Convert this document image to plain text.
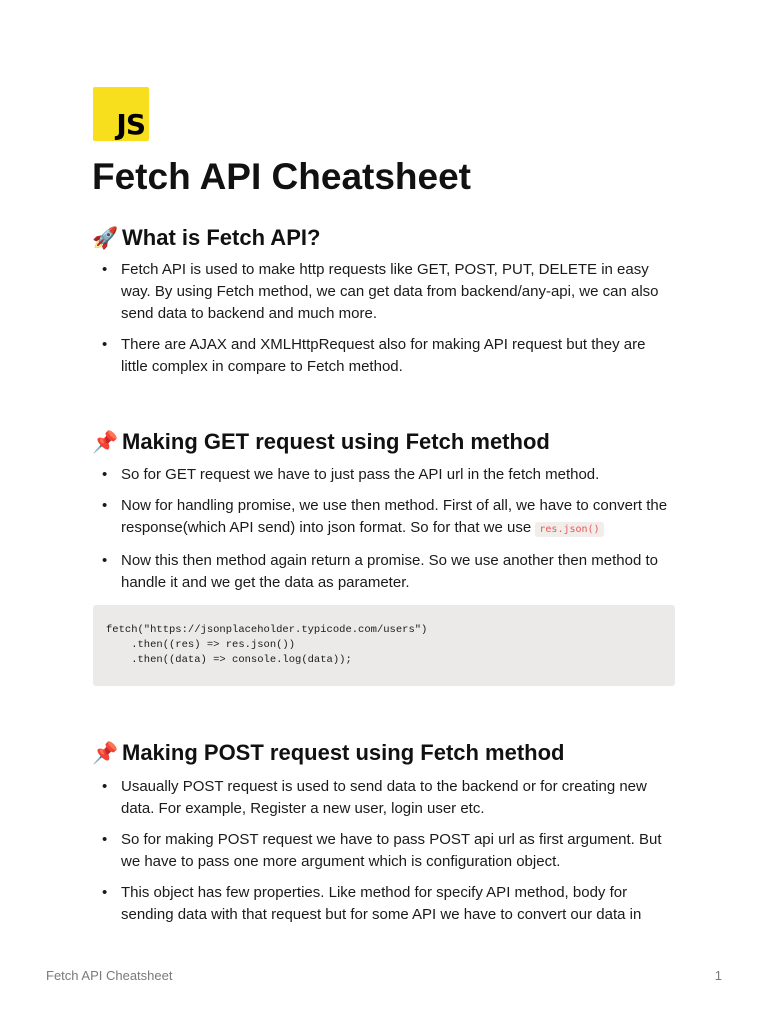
JS
Fetch API Cheatsheet
🚀 What is Fetch API?
• Fetch API is used to make http requests like GET, POST, PUT, DELETE in easy way. By using Fetch method, we can get data from backend/any-api, we can also send data to backend and much more.
• There are AJAX and XMLHttpRequest also for making API request but they are little complex in compare to Fetch method.
📌 Making GET request using Fetch method
• So for GET request we have to just pass the API url in the fetch method.
• Now for handling promise, we use then method. First of all, we have to convert the response(which API send) into json format. So for that we use res.json()
• Now this then method again return a promise. So we use another then method to handle it and we get the data as parameter.
fetch("https://jsonplaceholder.typicode.com/users")
.then((res) => res.json())
.then((data) => console.log(data));
📌 Making POST request using Fetch method
• Usaually POST request is used to send data to the backend or for creating new data. For example, Register a new user, login user etc.
• So for making POST request we have to pass POST api url as first argument. But we have to pass one more argument which is configuration object.
• This object has few properties. Like method for specify API method, body for sending data with that request but for some API we have to convert our data in
Fetch API Cheatsheet	1
